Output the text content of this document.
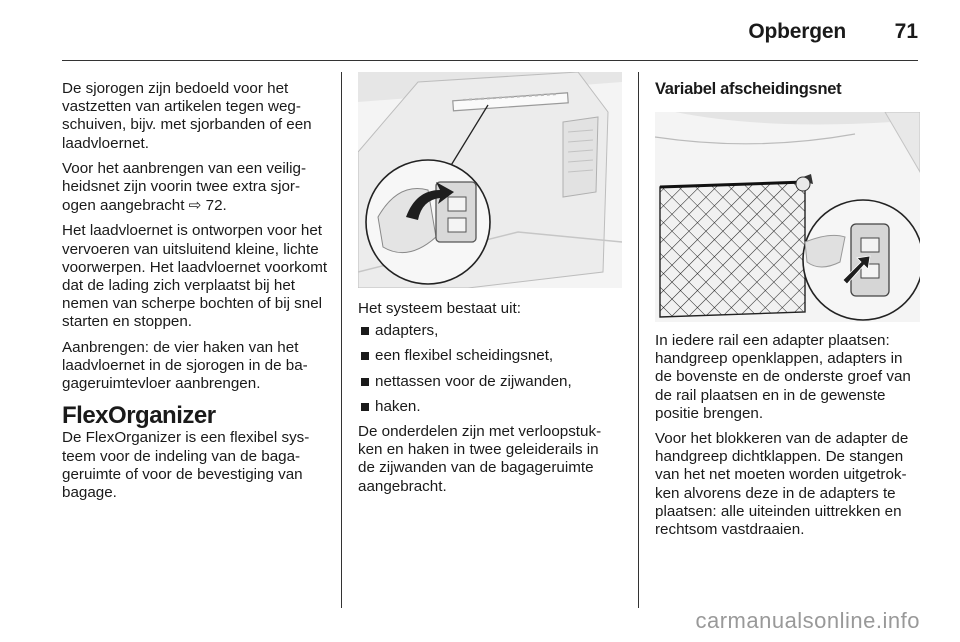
Opbergen 71

De sjorogen zijn bedoeld voor het vastzetten van artikelen tegen weg- schuiven, bijv. met sjorbanden of een laadvloernet.

Voor het aanbrengen van een veilig- heidsnet zijn voorin twee extra sjor- ogen aangebracht ⇨ 72.

Het laadvloernet is ontworpen voor het vervoeren van uitsluitend kleine, lichte voorwerpen. Het laadvloernet voorkomt dat de lading zich verplaatst bij het nemen van scherpe bochten of bij snel starten en stoppen.

Aanbrengen: de vier haken van het laadvloernet in de sjorogen in de ba- gageruimtevloer aanbrengen.

FlexOrganizer

De FlexOrganizer is een flexibel sys- teem voor de indeling van de baga- geruimte of voor de bevestiging van bagage.

Het systeem bestaat uit:

adapters,
een flexibel scheidingsnet,
nettassen voor de zijwanden,
haken.

De onderdelen zijn met verloopstuk- ken en haken in twee geleiderails in de zijwanden van de bagageruimte aangebracht.

Variabel afscheidingsnet

In iedere rail een adapter plaatsen: handgreep openklappen, adapters in de bovenste en de onderste groef van de rail plaatsen en in de gewenste positie brengen.

Voor het blokkeren van de adapter de handgreep dichtklappen. De stangen van het net moeten worden uitgetrok- ken alvorens deze in de adapters te plaatsen: alle uiteinden uittrekken en rechtsom vastdraaien.

carmanualsonline.info
